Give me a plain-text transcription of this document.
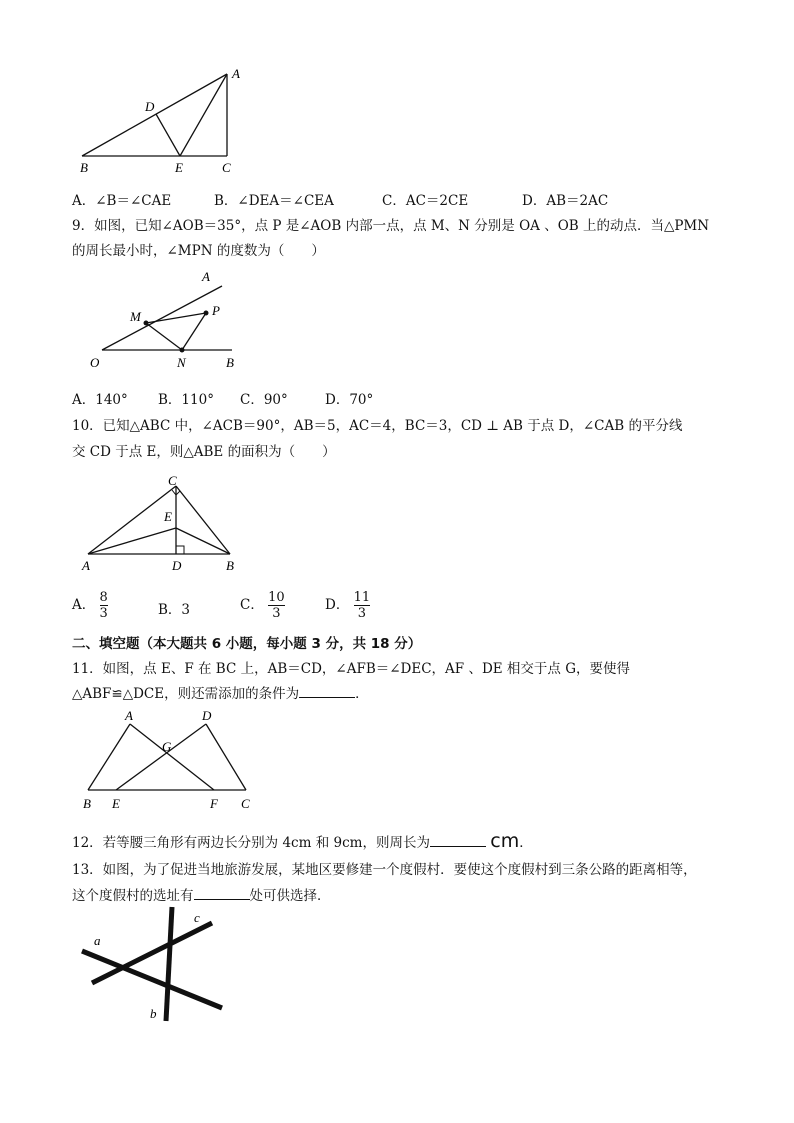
A
D
B	E	C
A．∠B＝∠CAE	B．∠DEA＝∠CEA	C．AC＝2CE	D．AB＝2AC
9．如图，已知∠AOB＝35°，点 P 是∠AOB 内部一点，点 M、N 分别是 OA 、OB 上的动点．当△PMN
的周长最小时，∠MPN 的度数为（　　）
A
M	P
O	N	B
A．140° B．110° C．90°	D．70°
10．已知△ABC 中，∠ACB＝90°，AB＝5，AC＝4，BC＝3，CD ⊥ AB 于点 D，∠CAB 的平分线
交 CD 于点 E，则△ABE 的面积为（　　）
C
E
A	D	B
A． $\frac{8}{3}$	B．3	C． $\frac{10}{3}$	D． $\frac{11}{3}$
二、填空题（本大题共 6 小题，每小题 3 分，共 18 分）
11．如图，点 E、F 在 BC 上，AB＝CD，∠AFB＝∠DEC，AF 、DE 相交于点 G，要使得
△ABF≌△DCE，则还需添加的条件为	．
A	D
G
B E	F C
12．若等腰三角形有两边长分别为 4cm 和 9cm，则周长为	cm．
13．如图，为了促进当地旅游发展，某地区要修建一个度假村．要使这个度假村到三条公路的距离相等，
这个度假村的选址有	处可供选择．
a
b
c
